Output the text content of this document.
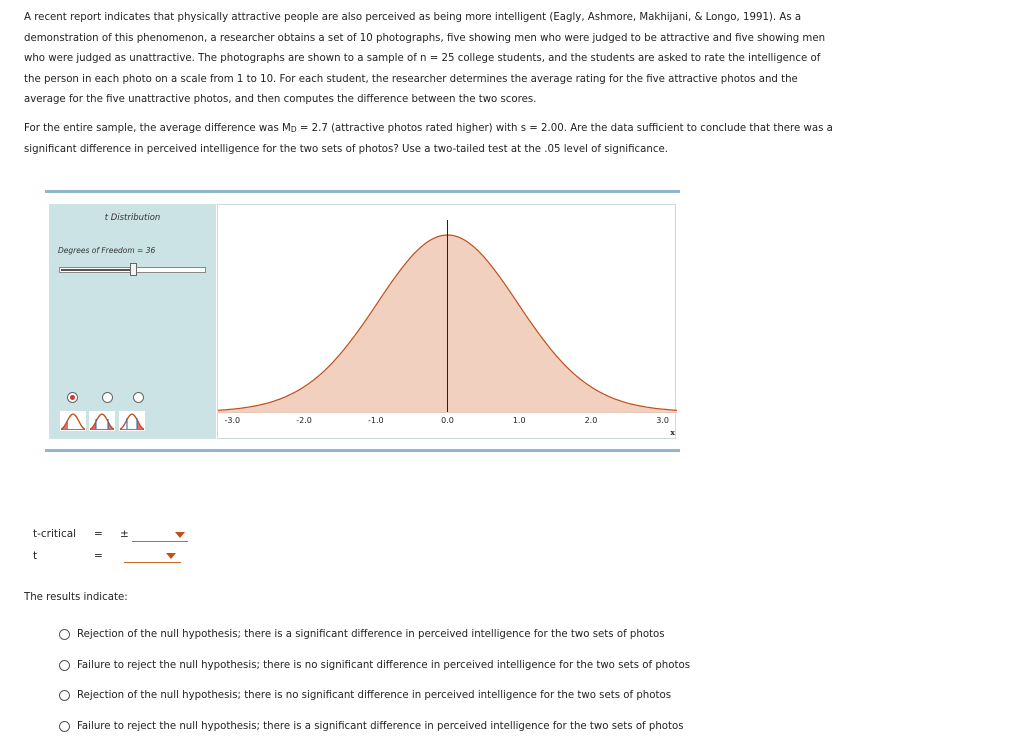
A recent report indicates that physically attractive people are also perceived as being more intelligent (Eagly, Ashmore, Makhijani, & Longo, 1991). As a demonstration of this phenomenon, a researcher obtains a set of 10 photographs, five showing men who were judged to be attractive and five showing men who were judged as unattractive. The photographs are shown to a sample of n = 25 college students, and the students are asked to rate the intelligence of the person in each photo on a scale from 1 to 10. For each student, the researcher determines the average rating for the five attractive photos and the average for the five unattractive photos, and then computes the difference between the two scores.

For the entire sample, the average difference was $M_D = 2.7$ (attractive photos rated higher) with s = 2.00. Are the data sufficient to conclude that there was a significant difference in perceived intelligence for the two sets of photos? Use a two-tailed test at the .05 level of significance.

t Distribution
Degrees of Freedom = 36
-3.0	-2.0	-1.0	0.0	1.0	2.0	3.0
x
t-critical = ±
t	=
The results indicate:
Rejection of the null hypothesis; there is a significant difference in perceived intelligence for the two sets of photos
Failure to reject the null hypothesis; there is no significant difference in perceived intelligence for the two sets of photos
Rejection of the null hypothesis; there is no significant difference in perceived intelligence for the two sets of photos
Failure to reject the null hypothesis; there is a significant difference in perceived intelligence for the two sets of photos
